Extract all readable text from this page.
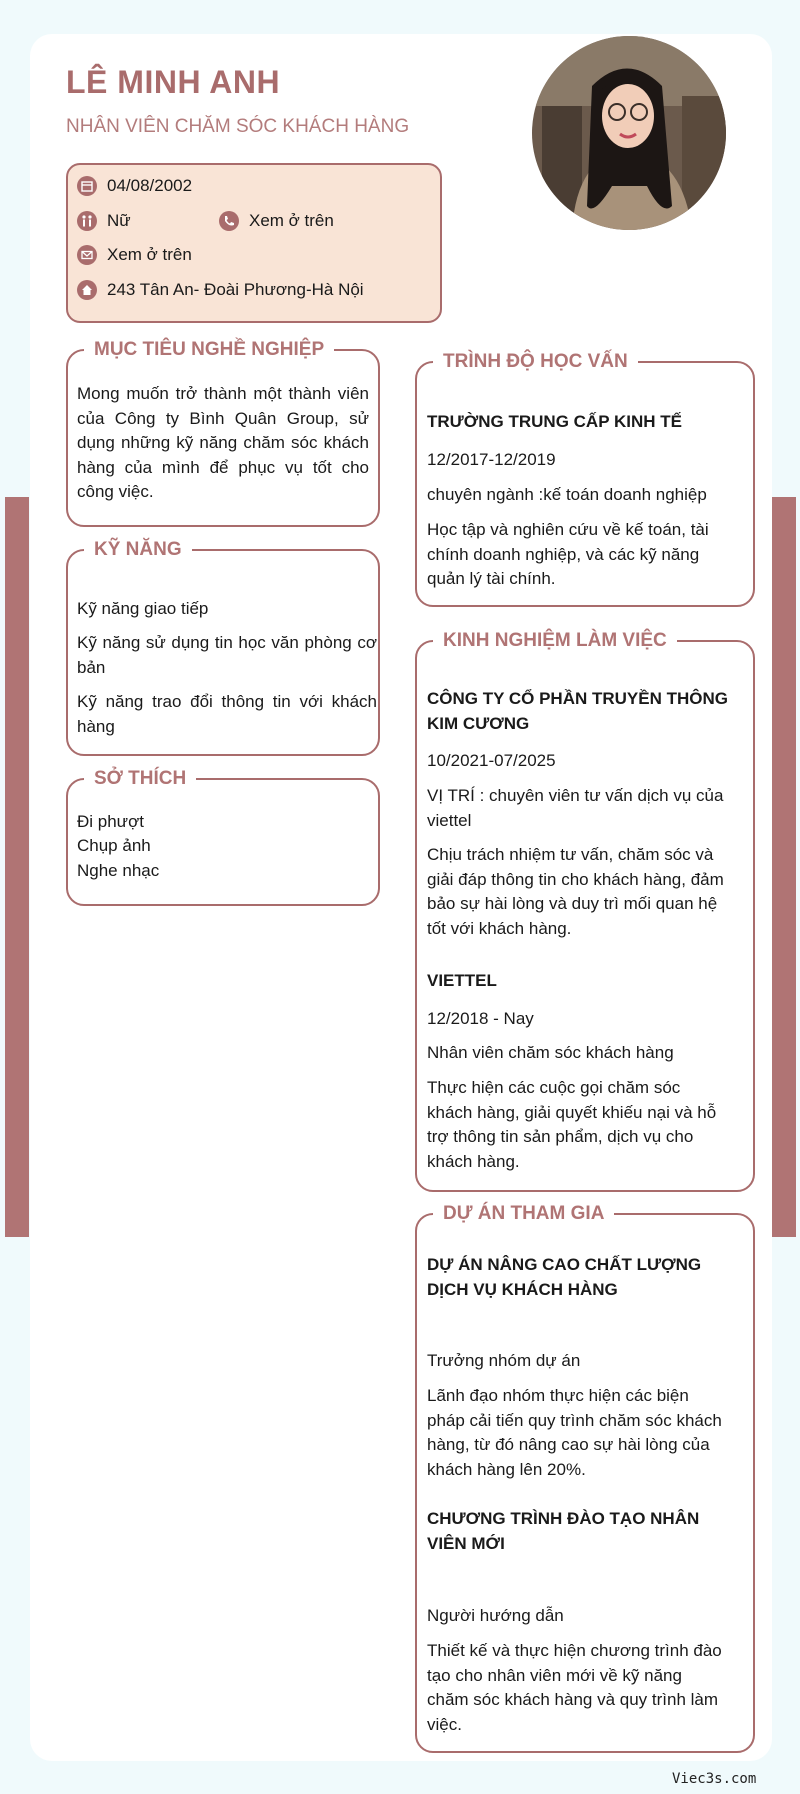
LÊ MINH ANH
NHÂN VIÊN CHĂM SÓC KHÁCH HÀNG
04/08/2002
Nữ	Xem ở trên
Xem ở trên
243 Tân An- Đoài Phương-Hà Nội
MỤC TIÊU NGHỀ NGHIỆP
Mong muốn trở thành một thành viên của Công ty Bình Quân Group, sử dụng những kỹ năng chăm sóc khách hàng của mình để phục vụ tốt cho công việc.
KỸ NĂNG
Kỹ năng giao tiếp
Kỹ năng sử dụng tin học văn phòng cơ bản
Kỹ năng trao đổi thông tin với khách hàng
SỞ THÍCH
Đi phượt
Chụp ảnh
Nghe nhạc
TRÌNH ĐỘ HỌC VẤN
TRƯỜNG TRUNG CẤP KINH TẾ
12/2017-12/2019
chuyên ngành :kế toán doanh nghiệp
Học tập và nghiên cứu về kế toán, tài chính doanh nghiệp, và các kỹ năng quản lý tài chính.
KINH NGHIỆM LÀM VIỆC
CÔNG TY CỔ PHẦN TRUYỀN THÔNG KIM CƯƠNG
10/2021-07/2025
VỊ TRÍ : chuyên viên tư vấn dịch vụ của viettel
Chịu trách nhiệm tư vấn, chăm sóc và giải đáp thông tin cho khách hàng, đảm bảo sự hài lòng và duy trì mối quan hệ tốt với khách hàng.
VIETTEL
12/2018 - Nay
Nhân viên chăm sóc khách hàng
Thực hiện các cuộc gọi chăm sóc khách hàng, giải quyết khiếu nại và hỗ trợ thông tin sản phẩm, dịch vụ cho khách hàng.
DỰ ÁN THAM GIA
DỰ ÁN NÂNG CAO CHẤT LƯỢNG DỊCH VỤ KHÁCH HÀNG
Trưởng nhóm dự án
Lãnh đạo nhóm thực hiện các biện pháp cải tiến quy trình chăm sóc khách hàng, từ đó nâng cao sự hài lòng của khách hàng lên 20%.
CHƯƠNG TRÌNH ĐÀO TẠO NHÂN VIÊN MỚI
Người hướng dẫn
Thiết kế và thực hiện chương trình đào tạo cho nhân viên mới về kỹ năng chăm sóc khách hàng và quy trình làm việc.
Viec3s.com
